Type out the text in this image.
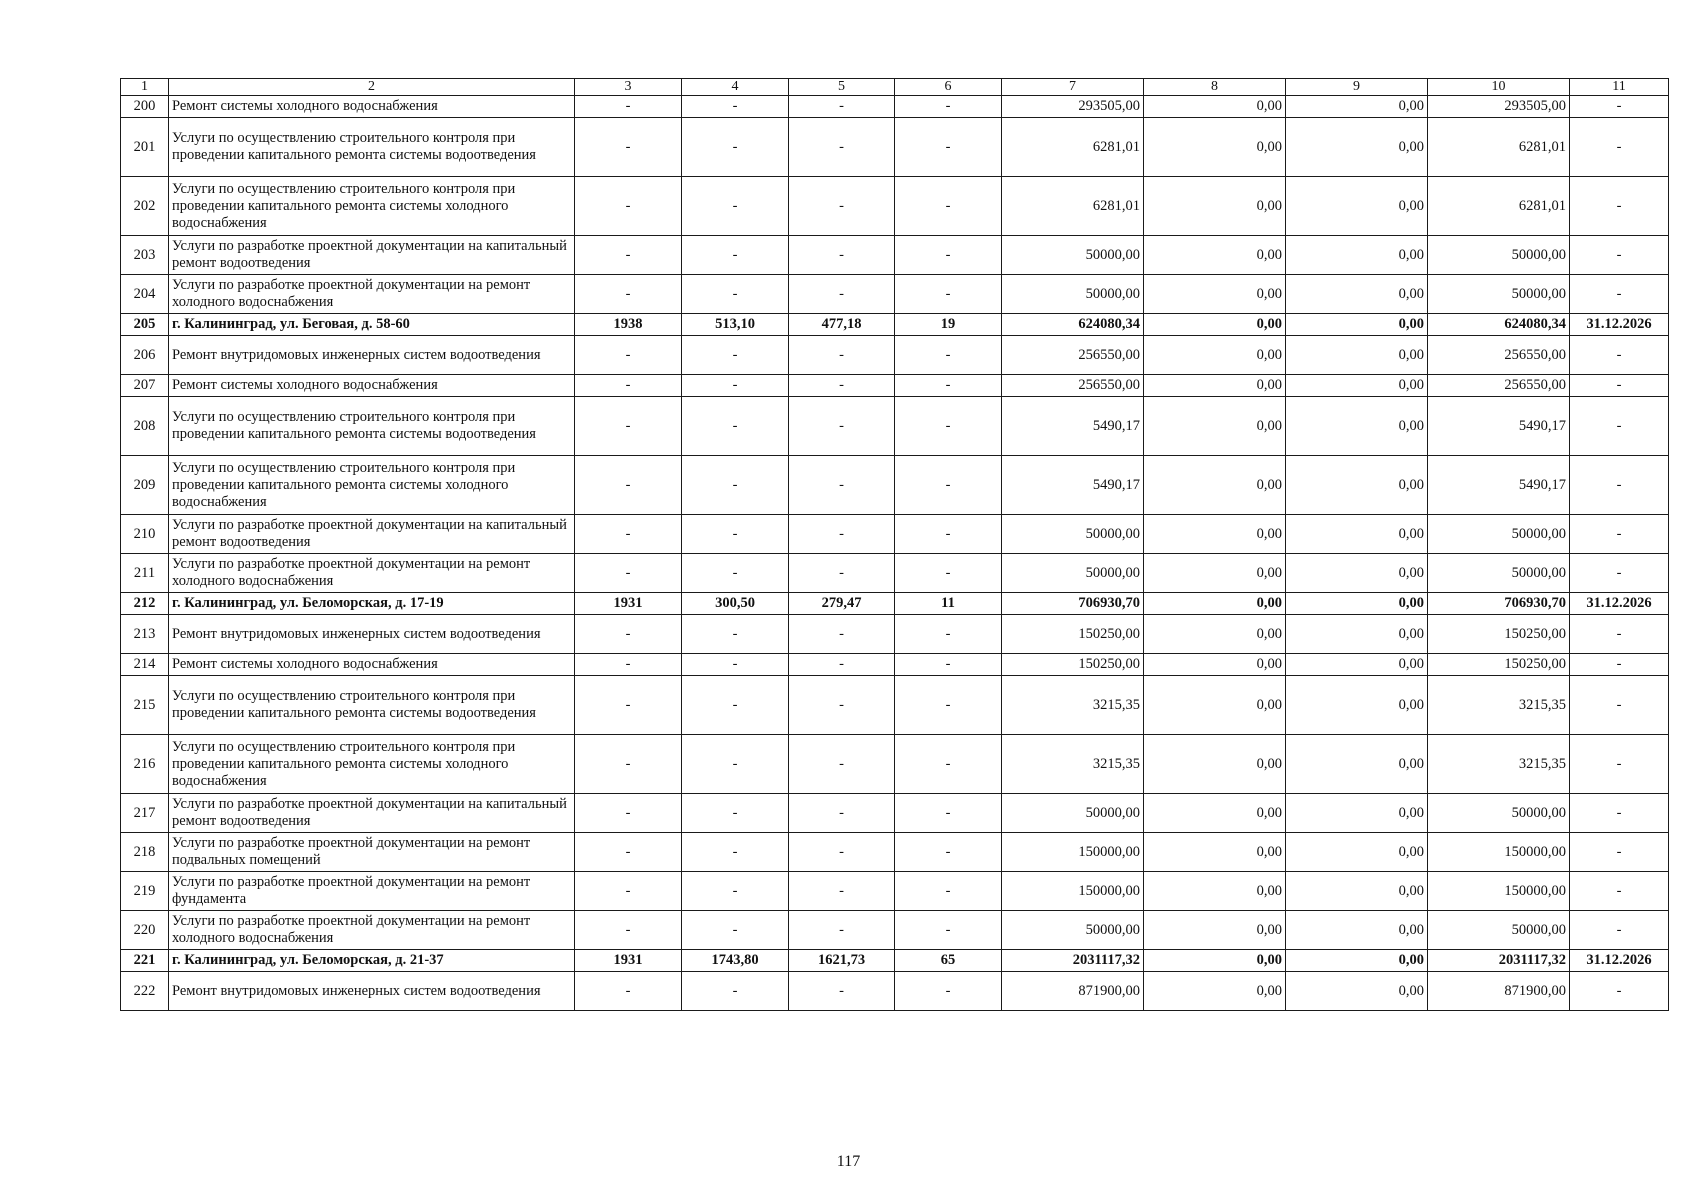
1	2	3	4	5	6	7	8	9	10	11
200	Ремонт системы холодного водоснабжения	-	-	-	-	293505,00	0,00	0,00	293505,00	-
201	Услуги по осуществлению строительного контроля при проведении капитального ремонта системы водоотведения	-	-	-	-	6281,01	0,00	0,00	6281,01	-
202	Услуги по осуществлению строительного контроля при проведении капитального ремонта системы холодного водоснабжения	-	-	-	-	6281,01	0,00	0,00	6281,01	-
203	Услуги по разработке проектной документации на капитальный ремонт водоотведения	-	-	-	-	50000,00	0,00	0,00	50000,00	-
204	Услуги по разработке проектной документации на ремонт холодного водоснабжения	-	-	-	-	50000,00	0,00	0,00	50000,00	-
205	г. Калининград, ул. Беговая, д. 58-60	1938	513,10	477,18	19	624080,34	0,00	0,00	624080,34	31.12.2026
206	Ремонт внутридомовых инженерных систем водоотведения	-	-	-	-	256550,00	0,00	0,00	256550,00	-
207	Ремонт системы холодного водоснабжения	-	-	-	-	256550,00	0,00	0,00	256550,00	-
208	Услуги по осуществлению строительного контроля при проведении капитального ремонта системы водоотведения	-	-	-	-	5490,17	0,00	0,00	5490,17	-
209	Услуги по осуществлению строительного контроля при проведении капитального ремонта системы холодного водоснабжения	-	-	-	-	5490,17	0,00	0,00	5490,17	-
210	Услуги по разработке проектной документации на капитальный ремонт водоотведения	-	-	-	-	50000,00	0,00	0,00	50000,00	-
211	Услуги по разработке проектной документации на ремонт холодного водоснабжения	-	-	-	-	50000,00	0,00	0,00	50000,00	-
212	г. Калининград, ул. Беломорская, д. 17-19	1931	300,50	279,47	11	706930,70	0,00	0,00	706930,70	31.12.2026
213	Ремонт внутридомовых инженерных систем водоотведения	-	-	-	-	150250,00	0,00	0,00	150250,00	-
214	Ремонт системы холодного водоснабжения	-	-	-	-	150250,00	0,00	0,00	150250,00	-
215	Услуги по осуществлению строительного контроля при проведении капитального ремонта системы водоотведения	-	-	-	-	3215,35	0,00	0,00	3215,35	-
216	Услуги по осуществлению строительного контроля при проведении капитального ремонта системы холодного водоснабжения	-	-	-	-	3215,35	0,00	0,00	3215,35	-
217	Услуги по разработке проектной документации на капитальный ремонт водоотведения	-	-	-	-	50000,00	0,00	0,00	50000,00	-
218	Услуги по разработке проектной документации на ремонт подвальных помещений	-	-	-	-	150000,00	0,00	0,00	150000,00	-
219	Услуги по разработке проектной документации на ремонт фундамента	-	-	-	-	150000,00	0,00	0,00	150000,00	-
220	Услуги по разработке проектной документации на ремонт холодного водоснабжения	-	-	-	-	50000,00	0,00	0,00	50000,00	-
221	г. Калининград, ул. Беломорская, д. 21-37	1931	1743,80	1621,73	65	2031117,32	0,00	0,00	2031117,32	31.12.2026
222	Ремонт внутридомовых инженерных систем водоотведения	-	-	-	-	871900,00	0,00	0,00	871900,00	-
117
